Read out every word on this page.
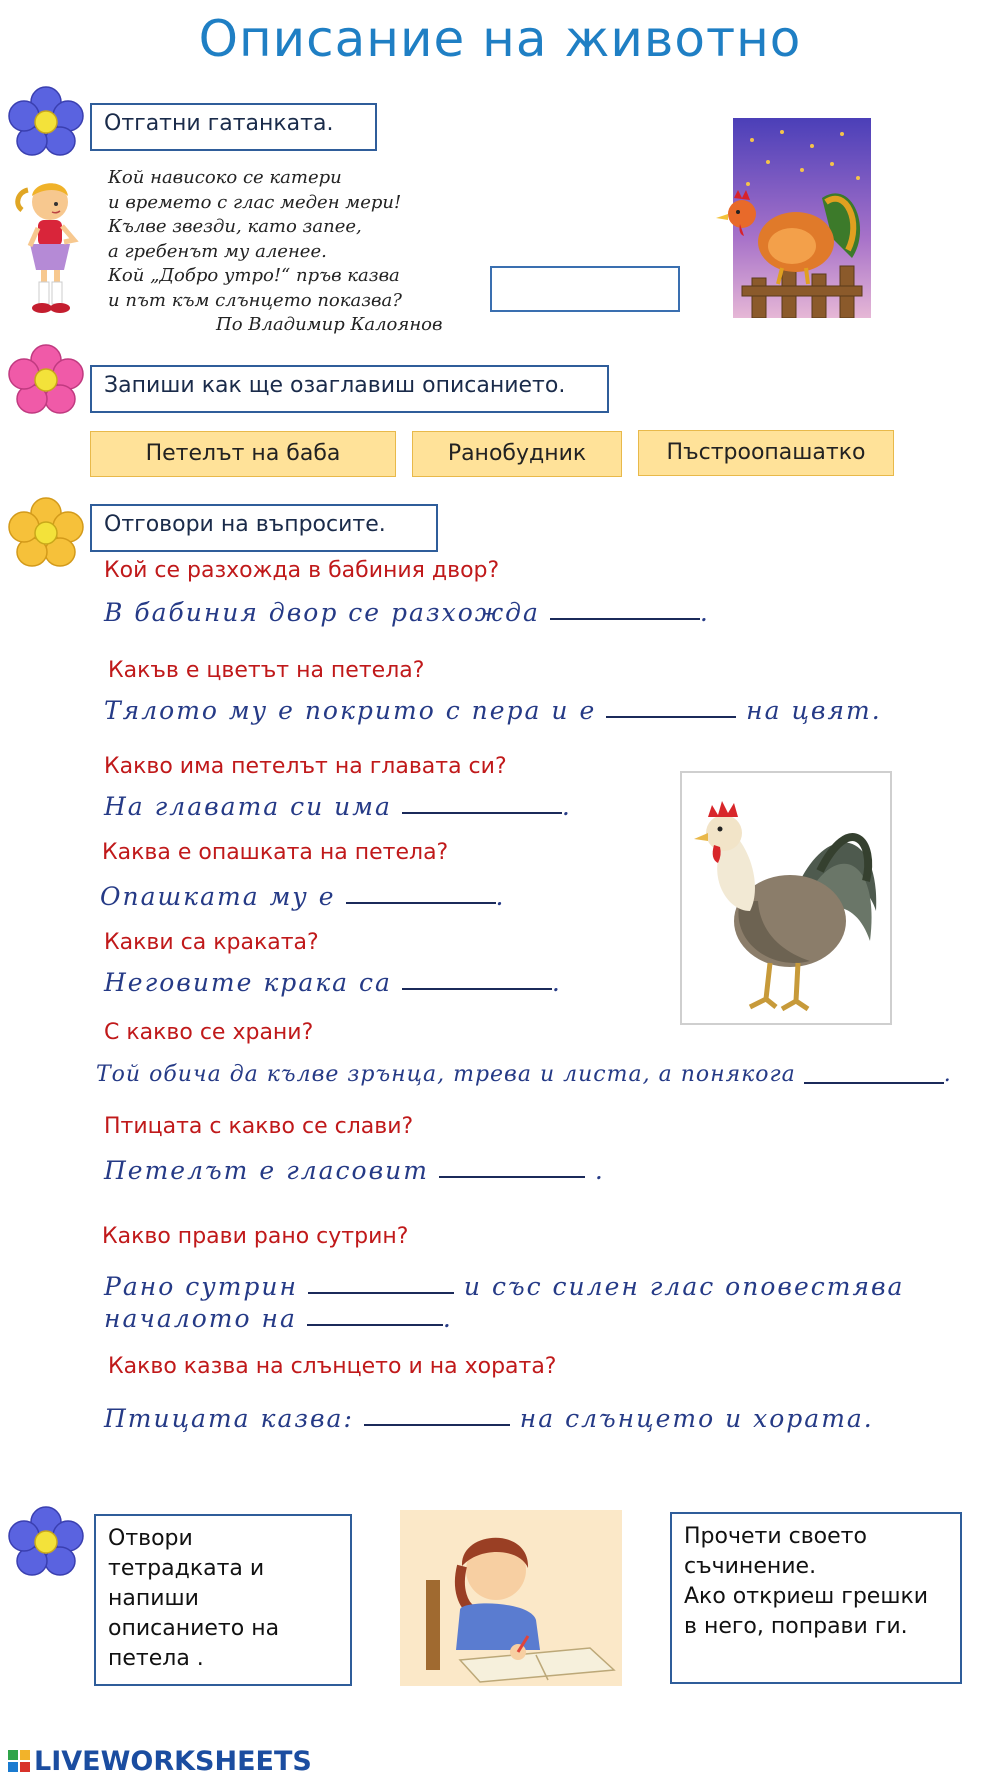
Описание на животно
Отгатни гатанката.
Кой нависоко се катери
и времето с глас меден мери!
Кълве звезди, като запее,
а гребенът му аленее.
Кой „Добро утро!“ пръв казва
и път към слънцето показва?
По Владимир Калоянов
Запиши как ще озаглавиш описанието.
Петелът на баба	Ранобудник	Пъстроопашатко
Отговори на въпросите.
Кой се разхожда в бабиния двор?
В бабиния двор се разхожда	.
Какъв е цветът на петела?
Тялото му е покрито с пера и е	на цвят.
Какво има петелът на главата си?
На главата си има	.
Каква е опашката на петела?
Опашката му е	.
Какви са краката?
Неговите крака са	.
С какво се храни?
Той обича да кълве зрънца, трева и листа, а понякога	.
Птицата с какво се слави?
Петелът е гласовит	.
Какво прави рано сутрин?
Рано сутрин	и със силен глас оповестява
началото на	.
Какво казва на слънцето и на хората?
Птицата казва:	на слънцето и хората.
Отвори
тетрадката и
напиши
описанието на
петела .
Прочети своето
съчинение.
Ако откриеш грешки
в него, поправи ги.
LIVEWORKSHEETS
